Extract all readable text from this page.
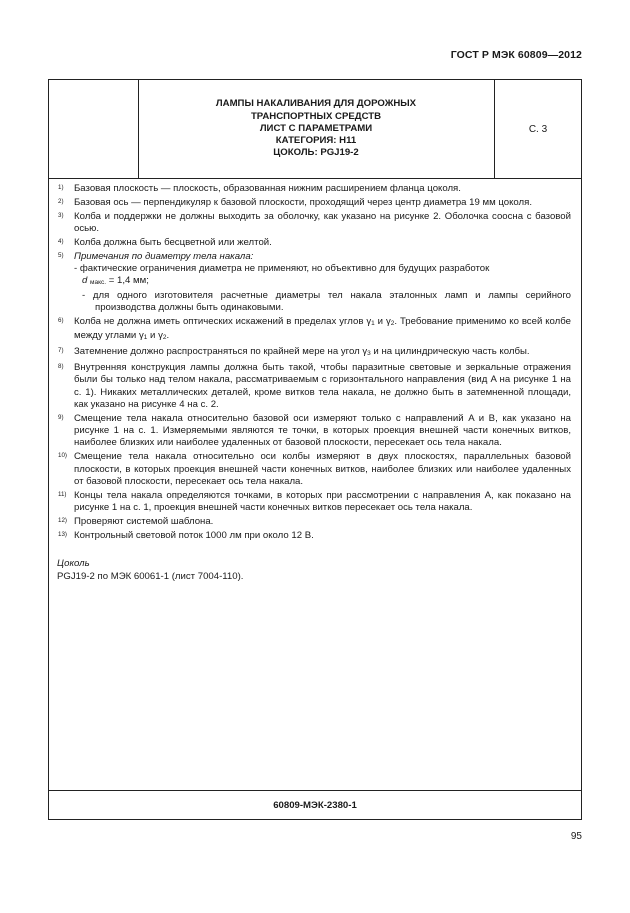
ГОСТ Р МЭК 60809—2012
ЛАМПЫ НАКАЛИВАНИЯ ДЛЯ ДОРОЖНЫХ
ТРАНСПОРТНЫХ СРЕДСТВ
ЛИСТ С ПАРАМЕТРАМИ
КАТЕГОРИЯ: H11
ЦОКОЛЬ: PGJ19-2
С. 3

1) Базовая плоскость — плоскость, образованная нижним расширением фланца цоколя.

2) Базовая ось — перпендикуляр к базовой плоскости, проходящий через центр диаметра 19 мм цоколя.

3) Колба и поддержки не должны выходить за оболочку, как указано на рисунке 2. Оболочка соосна с базовой осью.

4) Колба должна быть бесцветной или желтой.

5) Примечания по диаметру тела накала:

- фактические ограничения диаметра не применяют, но объективно для будущих разработок
d макс. = 1,4 мм;

- для одного изготовителя расчетные диаметры тел накала эталонных ламп и лампы серийного производства должны быть одинаковыми.

6) Колба не должна иметь оптических искажений в пределах углов $\gamma_1$ и $\gamma_2$. Требование применимо ко всей колбе между углами $\gamma_1$ и $\gamma_2$.

7) Затемнение должно распространяться по крайней мере на угол $\gamma_3$ и на цилиндрическую часть колбы.

8) Внутренняя конструкция лампы должна быть такой, чтобы паразитные световые и зеркальные отражения были бы только над телом накала, рассматриваемым с горизонтального направления (вид A на рисунке 1 на с. 1). Никаких металлических деталей, кроме витков тела накала, не должно быть в затемненной площади, как указано на рисунке 4 на с. 2.

9) Смещение тела накала относительно базовой оси измеряют только с направлений A и B, как указано на рисунке 1 на с. 1. Измеряемыми являются те точки, в которых проекция внешней части конечных витков, наиболее близких или наиболее удаленных от базовой плоскости, пересекает ось тела накала.

10) Смещение тела накала относительно оси колбы измеряют в двух плоскостях, параллельных базовой плоскости, в которых проекция внешней части конечных витков, наиболее близких или наиболее удаленных от базовой плоскости, пересекает ось тела накала.

11) Концы тела накала определяются точками, в которых при рассмотрении с направления A, как показано на рисунке 1 на с. 1, проекция внешней части конечных витков пересекает ось тела накала.

12) Проверяют системой шаблона.

13) Контрольный световой поток 1000 лм при около 12 В.

Цоколь

PGJ19-2 по МЭК 60061-1 (лист 7004-110).

60809-МЭК-2380-1
95
